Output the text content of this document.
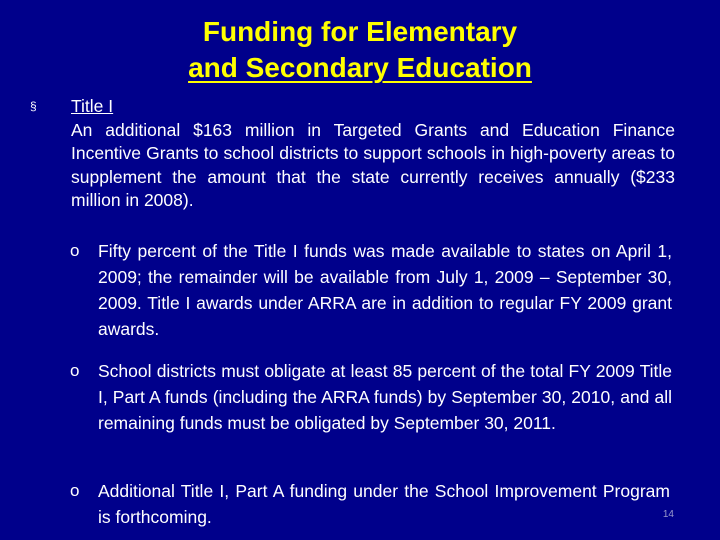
Funding for Elementary
and Secondary Education
§ Title I
An additional $163 million in Targeted Grants and Education Finance Incentive Grants to school districts to support schools in high-poverty areas to supplement the amount that the state currently receives annually ($233 million in 2008).
o Fifty percent of the Title I funds was made available to states on April 1, 2009; the remainder will be available from July 1, 2009 – September 30, 2009. Title I awards under ARRA are in addition to regular FY 2009 grant awards.
o School districts must obligate at least 85 percent of the total FY 2009 Title I, Part A funds (including the ARRA funds) by September 30, 2010, and all remaining funds must be obligated by September 30, 2011.
o Additional Title I, Part A funding under the School Improvement Program is forthcoming.	14
